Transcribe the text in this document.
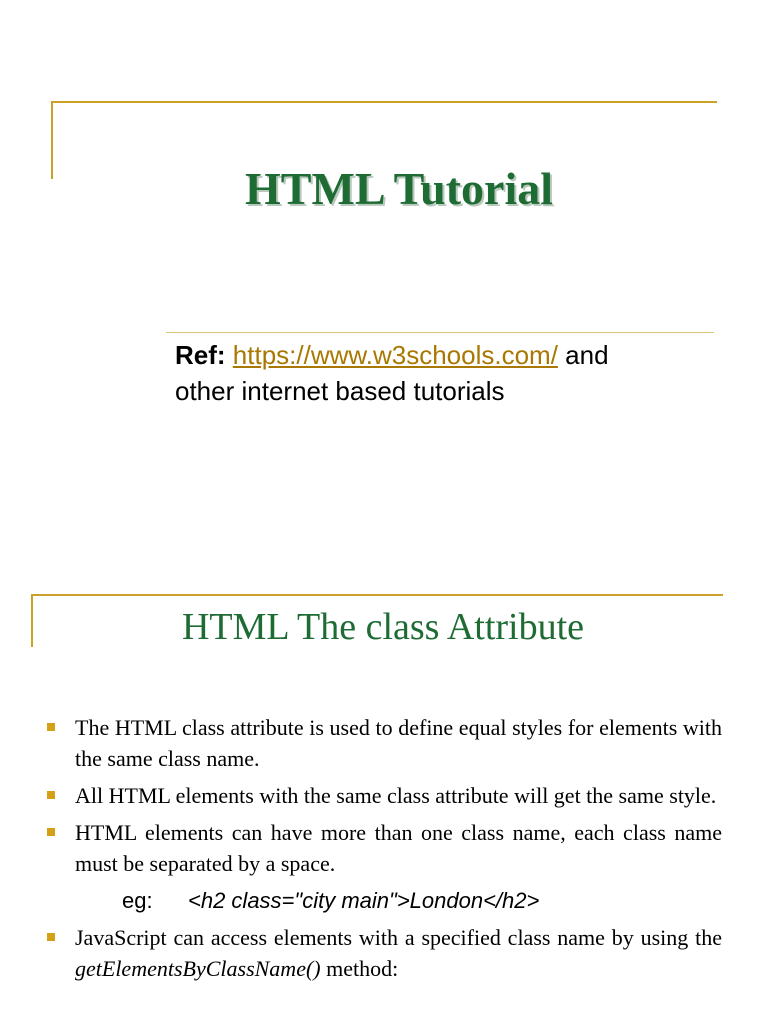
HTML Tutorial
Ref: https://www.w3schools.com/ and
other internet based tutorials
HTML The class Attribute
The HTML class attribute is used to define equal styles for elements with the same class name.
All HTML elements with the same class attribute will get the same style.
HTML elements can have more than one class name, each class name must be separated by a space.
eg: <h2 class="city main">London</h2>
JavaScript can access elements with a specified class name by using the getElementsByClassName() method:
